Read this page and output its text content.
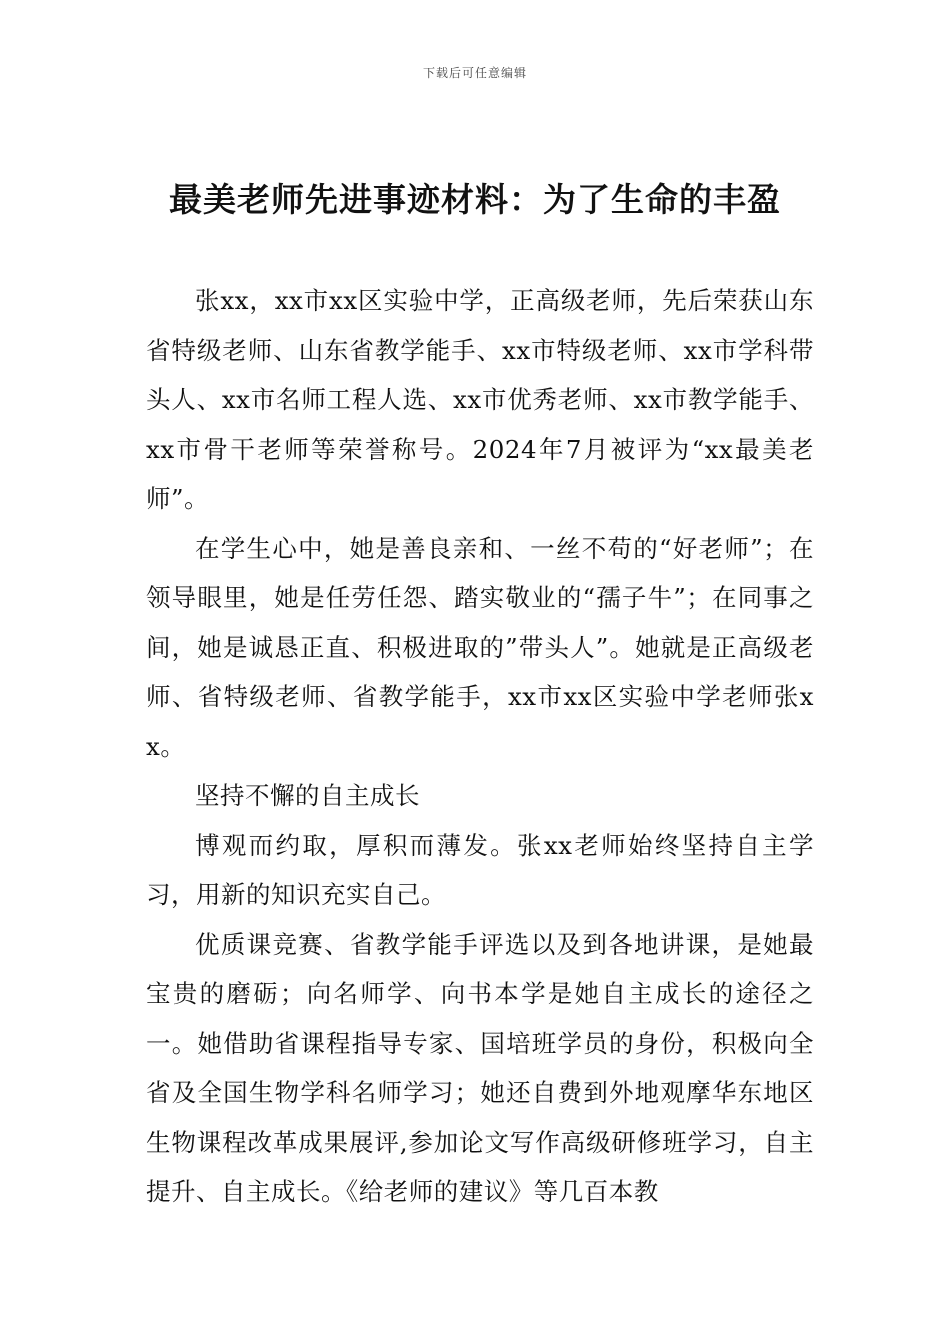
下载后可任意编辑
最美老师先进事迹材料：为了生命的丰盈

张xx，xx市xx区实验中学，正高级老师，先后荣获山东省特级老师、山东省教学能手、xx市特级老师、xx市学科带头人、xx市名师工程人选、xx市优秀老师、xx市教学能手、xx市骨干老师等荣誉称号。2024年7月被评为“xx最美老师”。

在学生心中，她是善良亲和、一丝不苟的“好老师”；在领导眼里，她是任劳任怨、踏实敬业的“孺子牛”；在同事之间，她是诚恳正直、积极进取的”带头人”。她就是正高级老师、省特级老师、省教学能手，xx市xx区实验中学老师张xx。

坚持不懈的自主成长

博观而约取，厚积而薄发。张xx老师始终坚持自主学习，用新的知识充实自己。

优质课竞赛、省教学能手评选以及到各地讲课，是她最宝贵的磨砺；向名师学、向书本学是她自主成长的途径之一。她借助省课程指导专家、国培班学员的身份，积极向全省及全国生物学科名师学习；她还自费到外地观摩华东地区生物课程改革成果展评,参加论文写作高级研修班学习，自主提升、自主成长。《给老师的建议》等几百本教
